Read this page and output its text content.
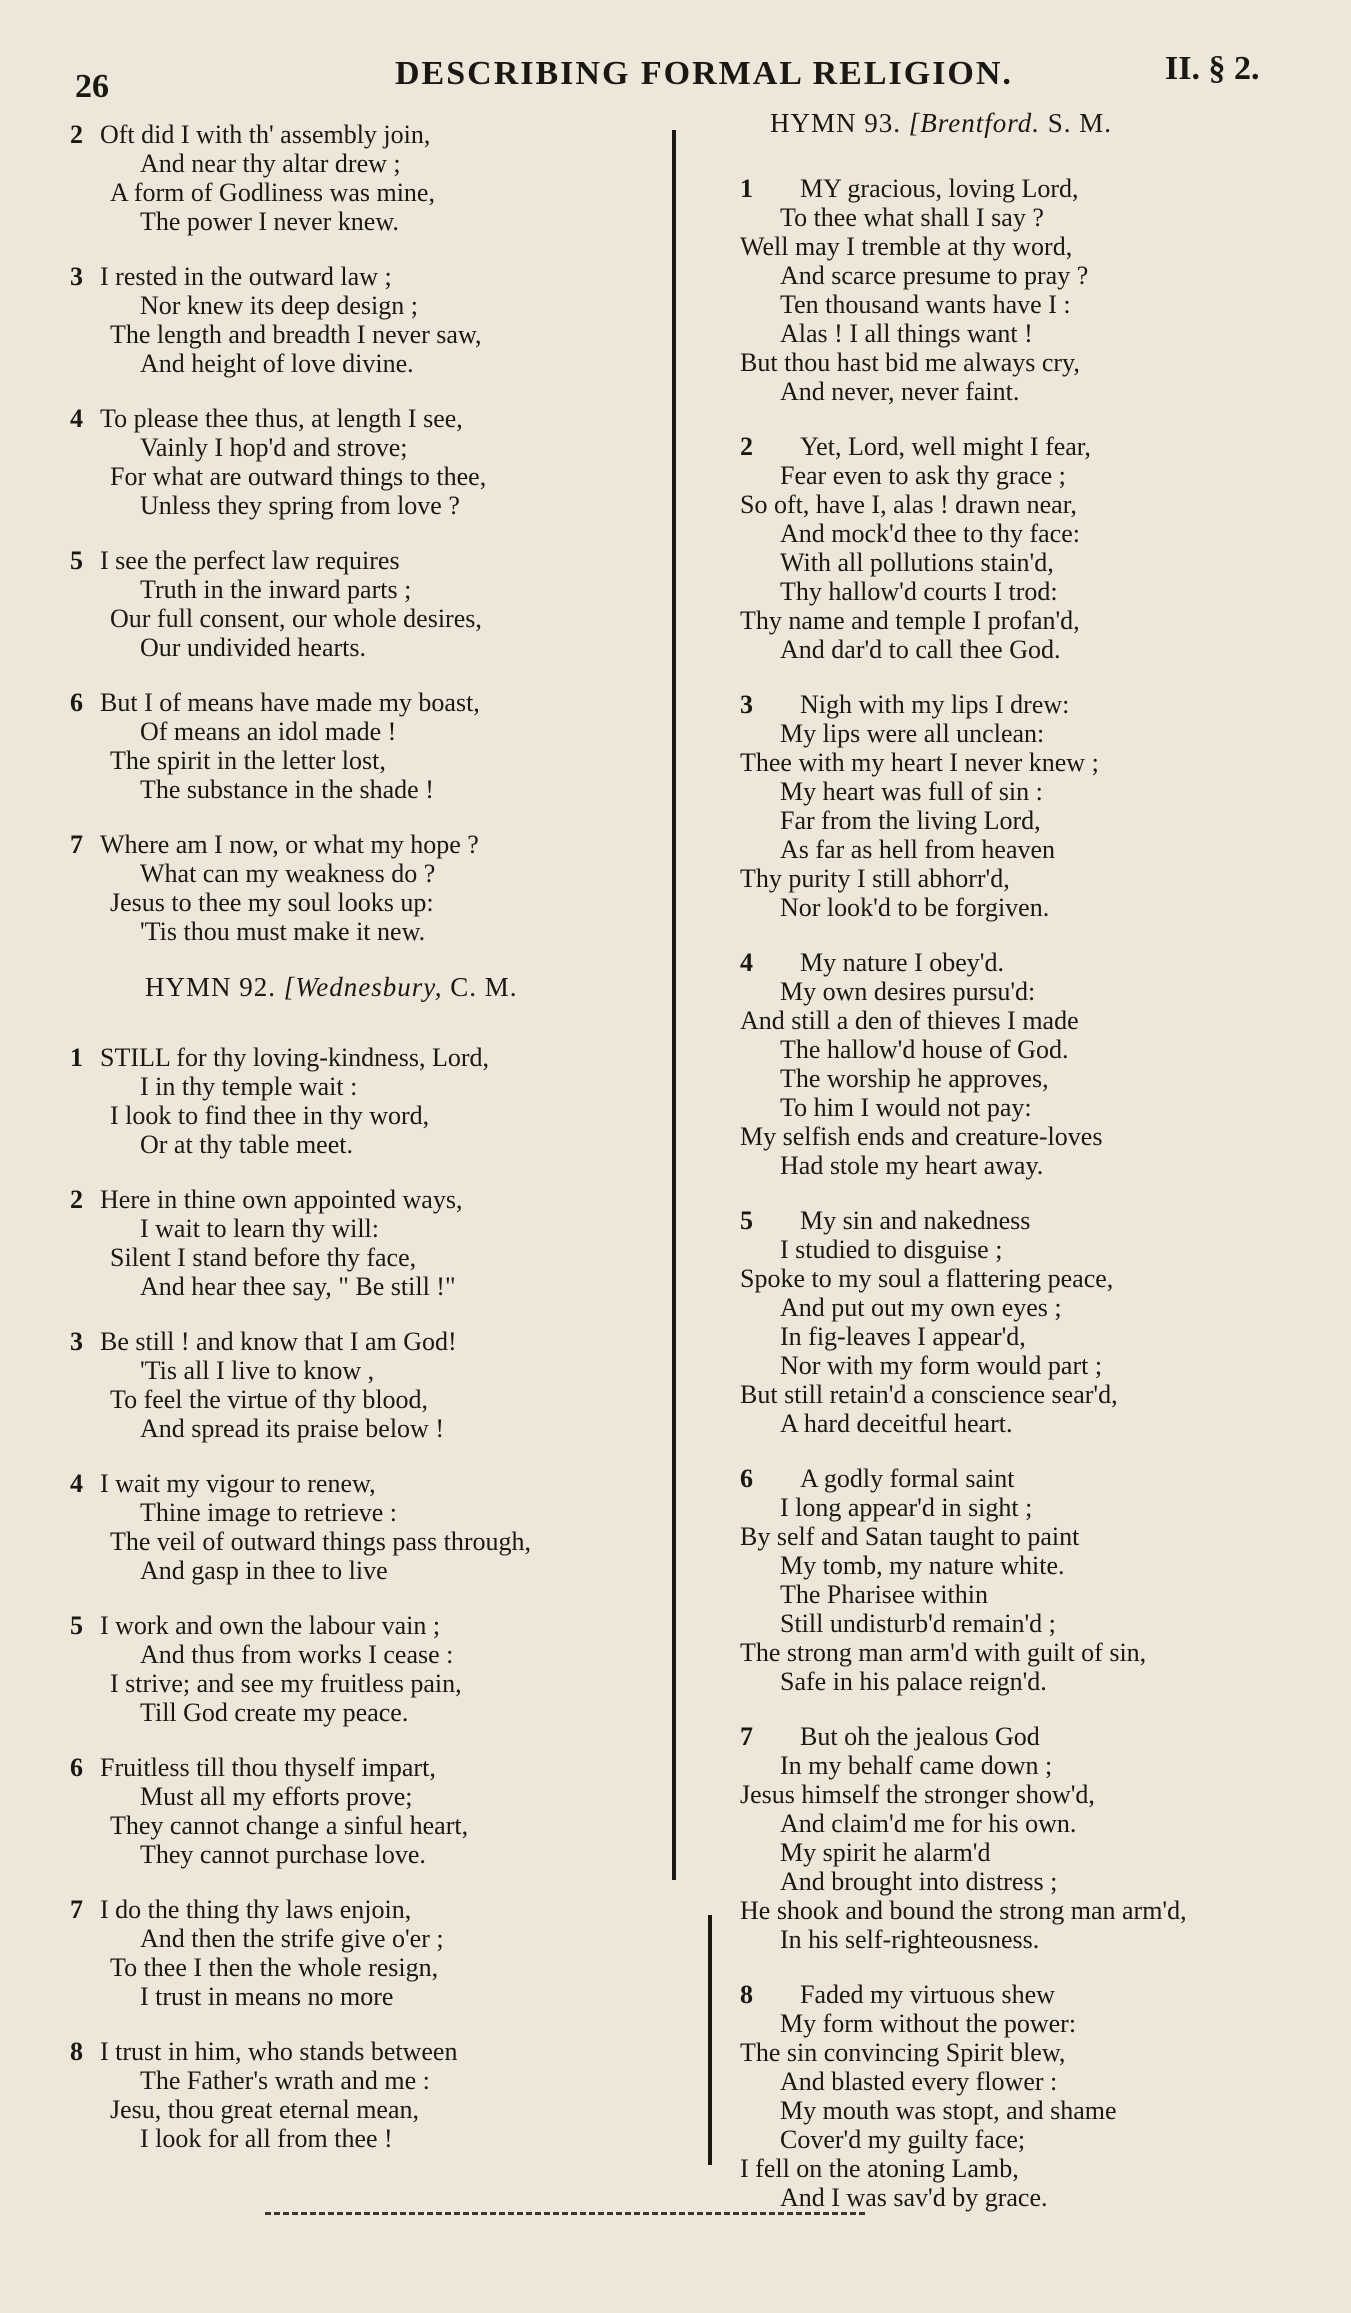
26	DESCRIBING FORMAL RELIGION.	II. § 2.
2 Oft did I with th' assembly join,
And near thy altar drew ;
A form of Godliness was mine,
The power I never knew.
3 I rested in the outward law ;
Nor knew its deep design ;
The length and breadth I never saw,
And height of love divine.
4 To please thee thus, at length I see,
Vainly I hop'd and strove;
For what are outward things to thee,
Unless they spring from love ?
5 I see the perfect law requires
Truth in the inward parts ;
Our full consent, our whole desires,
Our undivided hearts.
6 But I of means have made my boast,
Of means an idol made !
The spirit in the letter lost,
The substance in the shade !
7 Where am I now, or what my hope ?
What can my weakness do ?
Jesus to thee my soul looks up:
'Tis thou must make it new.
HYMN 92. [Wednesbury, C. M.
1 STILL for thy loving-kindness, Lord,
I in thy temple wait :
I look to find thee in thy word,
Or at thy table meet.
2 Here in thine own appointed ways,
I wait to learn thy will:
Silent I stand before thy face,
And hear thee say, " Be still !"
3 Be still ! and know that I am God!
'Tis all I live to know ,
To feel the virtue of thy blood,
And spread its praise below !
4 I wait my vigour to renew,
Thine image to retrieve :
The veil of outward things pass through,
And gasp in thee to live
5 I work and own the labour vain ;
And thus from works I cease :
I strive; and see my fruitless pain,
Till God create my peace.
6 Fruitless till thou thyself impart,
Must all my efforts prove;
They cannot change a sinful heart,
They cannot purchase love.
7 I do the thing thy laws enjoin,
And then the strife give o'er ;
To thee I then the whole resign,
I trust in means no more
8 I trust in him, who stands between
The Father's wrath and me :
Jesu, thou great eternal mean,
I look for all from thee !
HYMN 93. [Brentford. S. M.
1 MY gracious, loving Lord,
To thee what shall I say ?
Well may I tremble at thy word,
And scarce presume to pray ?
Ten thousand wants have I :
Alas ! I all things want !
But thou hast bid me always cry,
And never, never faint.
2 Yet, Lord, well might I fear,
Fear even to ask thy grace ;
So oft, have I, alas ! drawn near,
And mock'd thee to thy face:
With all pollutions stain'd,
Thy hallow'd courts I trod:
Thy name and temple I profan'd,
And dar'd to call thee God.
3 Nigh with my lips I drew:
My lips were all unclean:
Thee with my heart I never knew ;
My heart was full of sin :
Far from the living Lord,
As far as hell from heaven
Thy purity I still abhorr'd,
Nor look'd to be forgiven.
4 My nature I obey'd.
My own desires pursu'd:
And still a den of thieves I made
The hallow'd house of God.
The worship he approves,
To him I would not pay:
My selfish ends and creature-loves
Had stole my heart away.
5 My sin and nakedness
I studied to disguise ;
Spoke to my soul a flattering peace,
And put out my own eyes ;
In fig-leaves I appear'd,
Nor with my form would part ;
But still retain'd a conscience sear'd,
A hard deceitful heart.
6 A godly formal saint
I long appear'd in sight ;
By self and Satan taught to paint
My tomb, my nature white.
The Pharisee within
Still undisturb'd remain'd ;
The strong man arm'd with guilt of sin,
Safe in his palace reign'd.
7 But oh the jealous God
In my behalf came down ;
Jesus himself the stronger show'd,
And claim'd me for his own.
My spirit he alarm'd
And brought into distress ;
He shook and bound the strong man arm'd,
In his self-righteousness.
8 Faded my virtuous shew
My form without the power:
The sin convincing Spirit blew,
And blasted every flower :
My mouth was stopt, and shame
Cover'd my guilty face;
I fell on the atoning Lamb,
And I was sav'd by grace.
